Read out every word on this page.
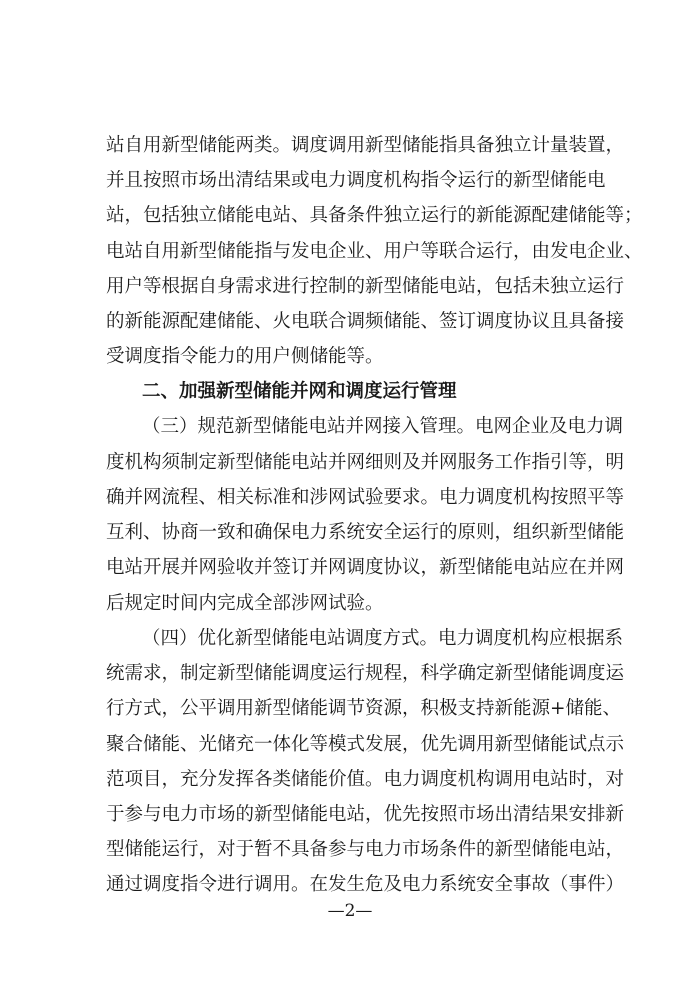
站自用新型储能两类。调度调用新型储能指具备独立计量装置，
并且按照市场出清结果或电力调度机构指令运行的新型储能电
站，包括独立储能电站、具备条件独立运行的新能源配建储能等；
电站自用新型储能指与发电企业、用户等联合运行，由发电企业、
用户等根据自身需求进行控制的新型储能电站，包括未独立运行
的新能源配建储能、火电联合调频储能、签订调度协议且具备接
受调度指令能力的用户侧储能等。
二、加强新型储能并网和调度运行管理
（三）规范新型储能电站并网接入管理。电网企业及电力调
度机构须制定新型储能电站并网细则及并网服务工作指引等，明
确并网流程、相关标准和涉网试验要求。电力调度机构按照平等
互利、协商一致和确保电力系统安全运行的原则，组织新型储能
电站开展并网验收并签订并网调度协议，新型储能电站应在并网
后规定时间内完成全部涉网试验。
（四）优化新型储能电站调度方式。电力调度机构应根据系
统需求，制定新型储能调度运行规程，科学确定新型储能调度运
行方式，公平调用新型储能调节资源，积极支持新能源+储能、
聚合储能、光储充一体化等模式发展，优先调用新型储能试点示
范项目，充分发挥各类储能价值。电力调度机构调用电站时，对
于参与电力市场的新型储能电站，优先按照市场出清结果安排新
型储能运行，对于暂不具备参与电力市场条件的新型储能电站，
通过调度指令进行调用。在发生危及电力系统安全事故（事件）
—2—
